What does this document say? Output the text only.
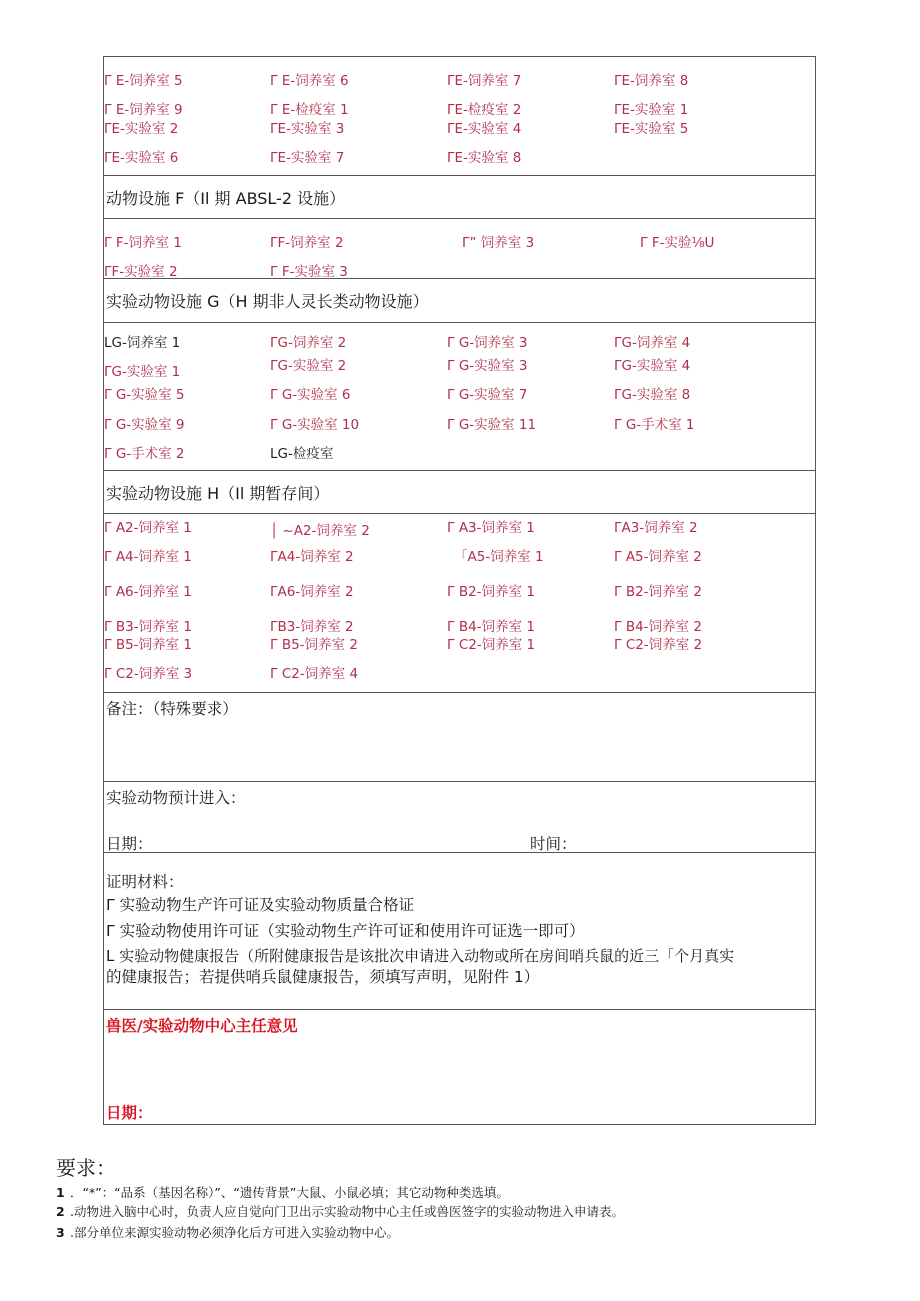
Γ E-饲养室 5	Γ E-饲养室 6	ΓE-饲养室 7	ΓE-饲养室 8
Γ E-饲养室 9	Γ E-检疫室 1	ΓE-检疫室 2	ΓE-实验室 1
ΓE-实验室 2	ΓE-实验室 3	ΓE-实验室 4	ΓE-实验室 5
ΓE-实验室 6	ΓE-实验室 7	ΓE-实验室 8
动物设施 F（Il 期 ABSL-2 设施）
Γ F-饲养室 1	ΓF-饲养室 2	Γ” 饲养室 3	Γ F-实验⅛U
ΓF-实验室 2	Γ F-实验室 3
实验动物设施 G（H 期非人灵长类动物设施）
LG-饲养室 1	ΓG-饲养室 2	Γ G-饲养室 3	ΓG-饲养室 4
ΓG-实验室 1	ΓG-实验室 2	Γ G-实验室 3	ΓG-实验室 4
Γ G-实验室 5	Γ G-实验室 6	Γ G-实验室 7	ΓG-实验室 8
Γ G-实验室 9	Γ G-实验室 10	Γ G-实验室 11	Γ G-手术室 1
Γ G-手术室 2	LG-检疫室
实验动物设施 H（Il 期暂存间）
Γ A2-饲养室 1	│ ~A2-饲养室 2	Γ A3-饲养室 1	ΓA3-饲养室 2
Γ A4-饲养室 1	ΓA4-饲养室 2	「A5-饲养室 1	Γ A5-饲养室 2
Γ A6-饲养室 1	ΓA6-饲养室 2	Γ B2-饲养室 1	Γ B2-饲养室 2
Γ B3-饲养室 1	ΓB3-饲养室 2	Γ B4-饲养室 1	Γ B4-饲养室 2
Γ B5-饲养室 1	Γ B5-饲养室 2	Γ C2-饲养室 1	Γ C2-饲养室 2
Γ C2-饲养室 3	Γ C2-饲养室 4
备注：（特殊要求）
实验动物预计进入：
日期：	时间：
证明材料：
Γ 实验动物生产许可证及实验动物质量合格证
Γ 实验动物使用许可证（实验动物生产许可证和使用许可证选一即可）
L 实验动物健康报告（所附健康报告是该批次申请进入动物或所在房间哨兵鼠的近三「个月真实
的健康报告；若提供哨兵鼠健康报告，须填写声明，见附件 1）
兽医/实验动物中心主任意见
日期：
要求：
1 ．“*”：“品系（基因名称）”、“遗传背景”大鼠、小鼠必填；其它动物种类选填。
2 .动物进入脑中心时，负责人应自觉向门卫出示实验动物中心主任或兽医签字的实验动物进入申请表。
3 .部分单位来源实验动物必须净化后方可进入实验动物中心。
